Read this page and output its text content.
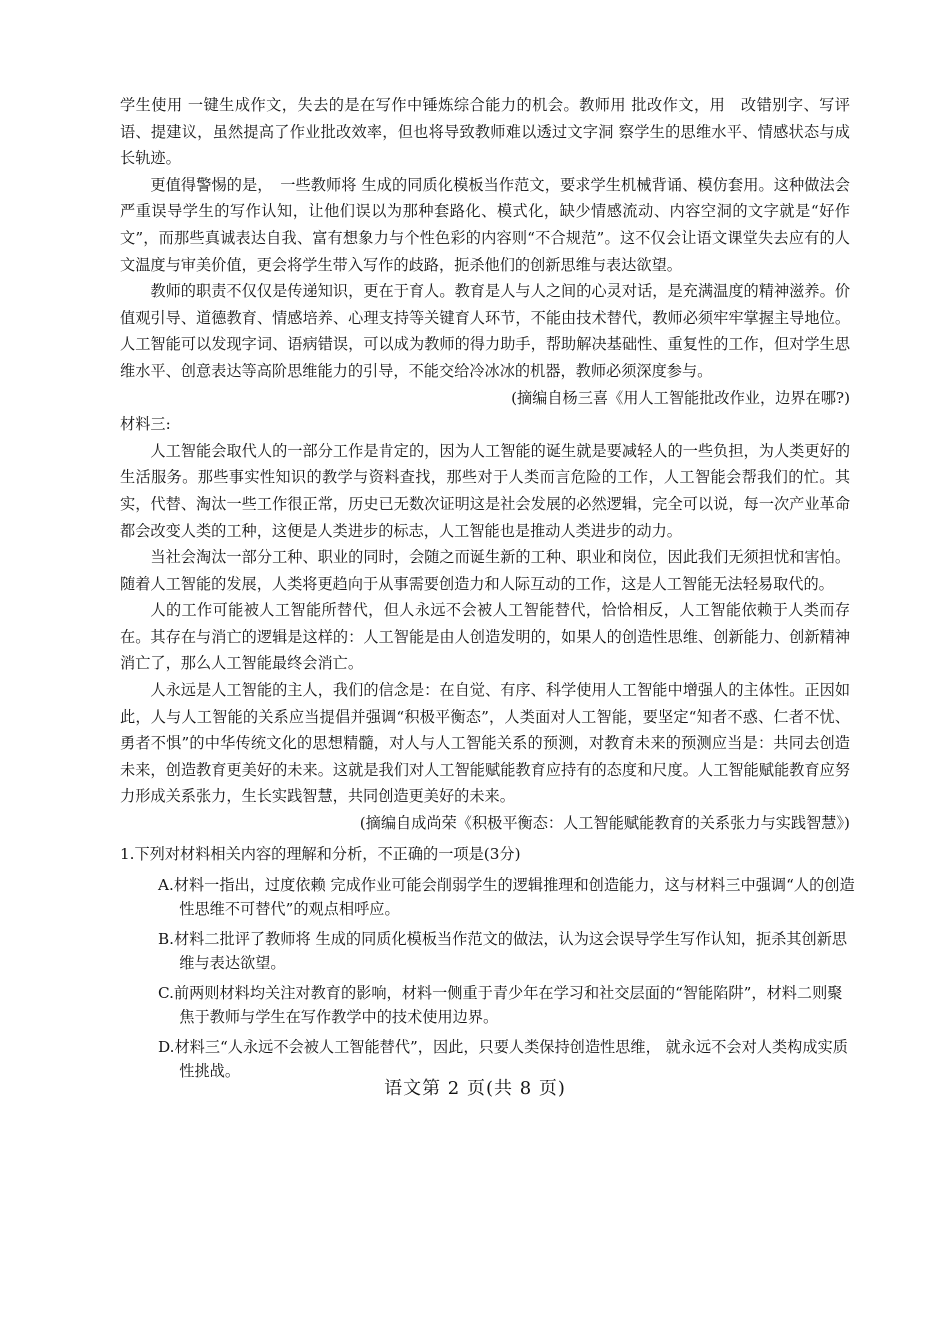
学生使用 一键生成作文，失去的是在写作中锤炼综合能力的机会。教师用 批改作文，用　改错别字、写评语、提建议，虽然提高了作业批改效率，但也将导致教师难以透过文字洞 察学生的思维水平、情感状态与成长轨迹。

更值得警惕的是，　一些教师将 生成的同质化模板当作范文，要求学生机械背诵、模仿套用。这种做法会严重误导学生的写作认知，让他们误以为那种套路化、模式化，缺少情感流动、内容空洞的文字就是“好作文”，而那些真诚表达自我、富有想象力与个性色彩的内容则“不合规范”。这不仅会让语文课堂失去应有的人文温度与审美价值，更会将学生带入写作的歧路，扼杀他们的创新思维与表达欲望。

教师的职责不仅仅是传递知识，更在于育人。教育是人与人之间的心灵对话，是充满温度的精神滋养。价值观引导、道德教育、情感培养、心理支持等关键育人环节，不能由技术替代，教师必须牢牢掌握主导地位。人工智能可以发现字词、语病错误，可以成为教师的得力助手，帮助解决基础性、重复性的工作，但对学生思维水平、创意表达等高阶思维能力的引导，不能交给冷冰冰的机器，教师必须深度参与。

(摘编自杨三喜《用人工智能批改作业，边界在哪?)

材料三:

人工智能会取代人的一部分工作是肯定的，因为人工智能的诞生就是要减轻人的一些负担，为人类更好的生活服务。那些事实性知识的教学与资料查找，那些对于人类而言危险的工作，人工智能会帮我们的忙。其实，代替、淘汰一些工作很正常，历史已无数次证明这是社会发展的必然逻辑，完全可以说，每一次产业革命都会改变人类的工种，这便是人类进步的标志，人工智能也是推动人类进步的动力。

当社会淘汰一部分工种、职业的同时，会随之而诞生新的工种、职业和岗位，因此我们无须担忧和害怕。随着人工智能的发展，人类将更趋向于从事需要创造力和人际互动的工作，这是人工智能无法轻易取代的。

人的工作可能被人工智能所替代，但人永远不会被人工智能替代，恰恰相反，人工智能依赖于人类而存在。其存在与消亡的逻辑是这样的：人工智能是由人创造发明的，如果人的创造性思维、创新能力、创新精神消亡了，那么人工智能最终会消亡。

人永远是人工智能的主人，我们的信念是：在自觉、有序、科学使用人工智能中增强人的主体性。正因如此，人与人工智能的关系应当提倡并强调“积极平衡态”，人类面对人工智能，要坚定“知者不惑、仁者不忧、勇者不惧”的中华传统文化的思想精髓，对人与人工智能关系的预测，对教育未来的预测应当是：共同去创造未来，创造教育更美好的未来。这就是我们对人工智能赋能教育应持有的态度和尺度。人工智能赋能教育应努力形成关系张力，生长实践智慧，共同创造更美好的未来。

(摘编自成尚荣《积极平衡态：人工智能赋能教育的关系张力与实践智慧》)

1.下列对材料相关内容的理解和分析，不正确的一项是(3分)

A.材料一指出，过度依赖 完成作业可能会削弱学生的逻辑推理和创造能力，这与材料三中强调“人的创造性思维不可替代”的观点相呼应。
B.材料二批评了教师将 生成的同质化模板当作范文的做法，认为这会误导学生写作认知，扼杀其创新思维与表达欲望。
C.前两则材料均关注对教育的影响，材料一侧重于青少年在学习和社交层面的“智能陷阱”，材料二则聚焦于教师与学生在写作教学中的技术使用边界。
D.材料三“人永远不会被人工智能替代”，因此，只要人类保持创造性思维， 就永远不会对人类构成实质性挑战。
语文第 2 页(共 8 页)
